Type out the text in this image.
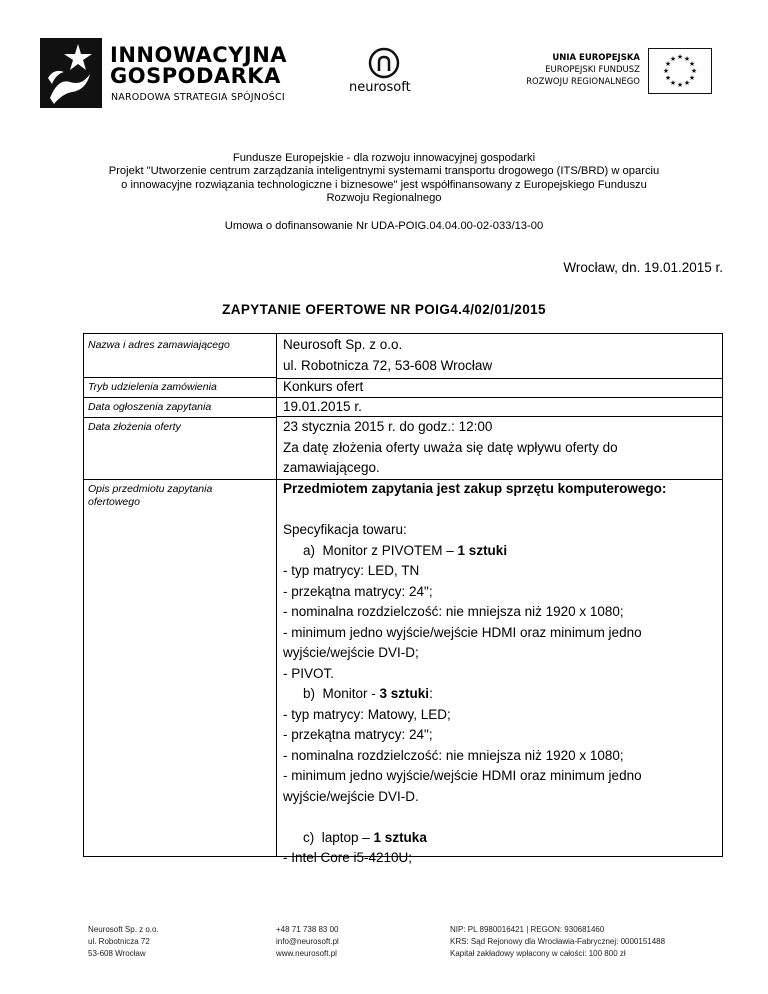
INNOWACYJNA
GOSPODARKA
NARODOWA STRATEGIA SPÓJNOŚCI
neurosoft
UNIA EUROPEJSKA
EUROPEJSKI FUNDUSZ
ROZWOJU REGIONALNEGO
★ ★
★
★
★
★
★
★
★
★
★
★
Fundusze Europejskie - dla rozwoju innowacyjnej gospodarki
Projekt "Utworzenie centrum zarządzania inteligentnymi systemami transportu drogowego (ITS/BRD) w oparciu
o innowacyjne rozwiązania technologiczne i biznesowe" jest współfinansowany z Europejskiego Funduszu
Rozwoju Regionalnego
Umowa o dofinansowanie Nr UDA-POIG.04.04.00-02-033/13-00
Wrocław, dn. 19.01.2015 r.
ZAPYTANIE OFERTOWE NR POIG4.4/02/01/2015
Nazwa i adres zamawiającego
Tryb udzielenia zamówienia
Data ogłoszenia zapytania
Data złożenia oferty
Opis przedmiotu zapytania
ofertowego
Neurosoft Sp. z o.o.
ul. Robotnicza 72, 53-608 Wrocław
Konkurs ofert
19.01.2015 r.
23 stycznia 2015 r. do godz.: 12:00
Za datę złożenia oferty uważa się datę wpływu oferty do
zamawiającego.
Przedmiotem zapytania jest zakup sprzętu komputerowego:

Specyfikacja towaru:
a)  Monitor z PIVOTEM – 1 sztuki
- typ matrycy: LED, TN
- przekątna matrycy: 24";
- nominalna rozdzielczość: nie mniejsza niż 1920 x 1080;
- minimum jedno wyjście/wejście HDMI oraz minimum jedno
wyjście/wejście DVI-D;
- PIVOT.
b)  Monitor - 3 sztuki:
- typ matrycy: Matowy, LED;
- przekątna matrycy: 24";
- nominalna rozdzielczość: nie mniejsza niż 1920 x 1080;
- minimum jedno wyjście/wejście HDMI oraz minimum jedno
wyjście/wejście DVI-D.

c)  laptop – 1 sztuka
- Intel Core i5-4210U;
Neurosoft Sp. z o.o.
ul. Robotnicza 72
53-608 Wrocław
+48 71 738 83 00
info@neurosoft.pl
www.neurosoft.pl
NIP: PL 8980016421 | REGON: 930681460
KRS: Sąd Rejonowy dla Wrocławia-Fabrycznej: 0000151488
Kapitał zakładowy wpłacony w całości: 100 800 zł
